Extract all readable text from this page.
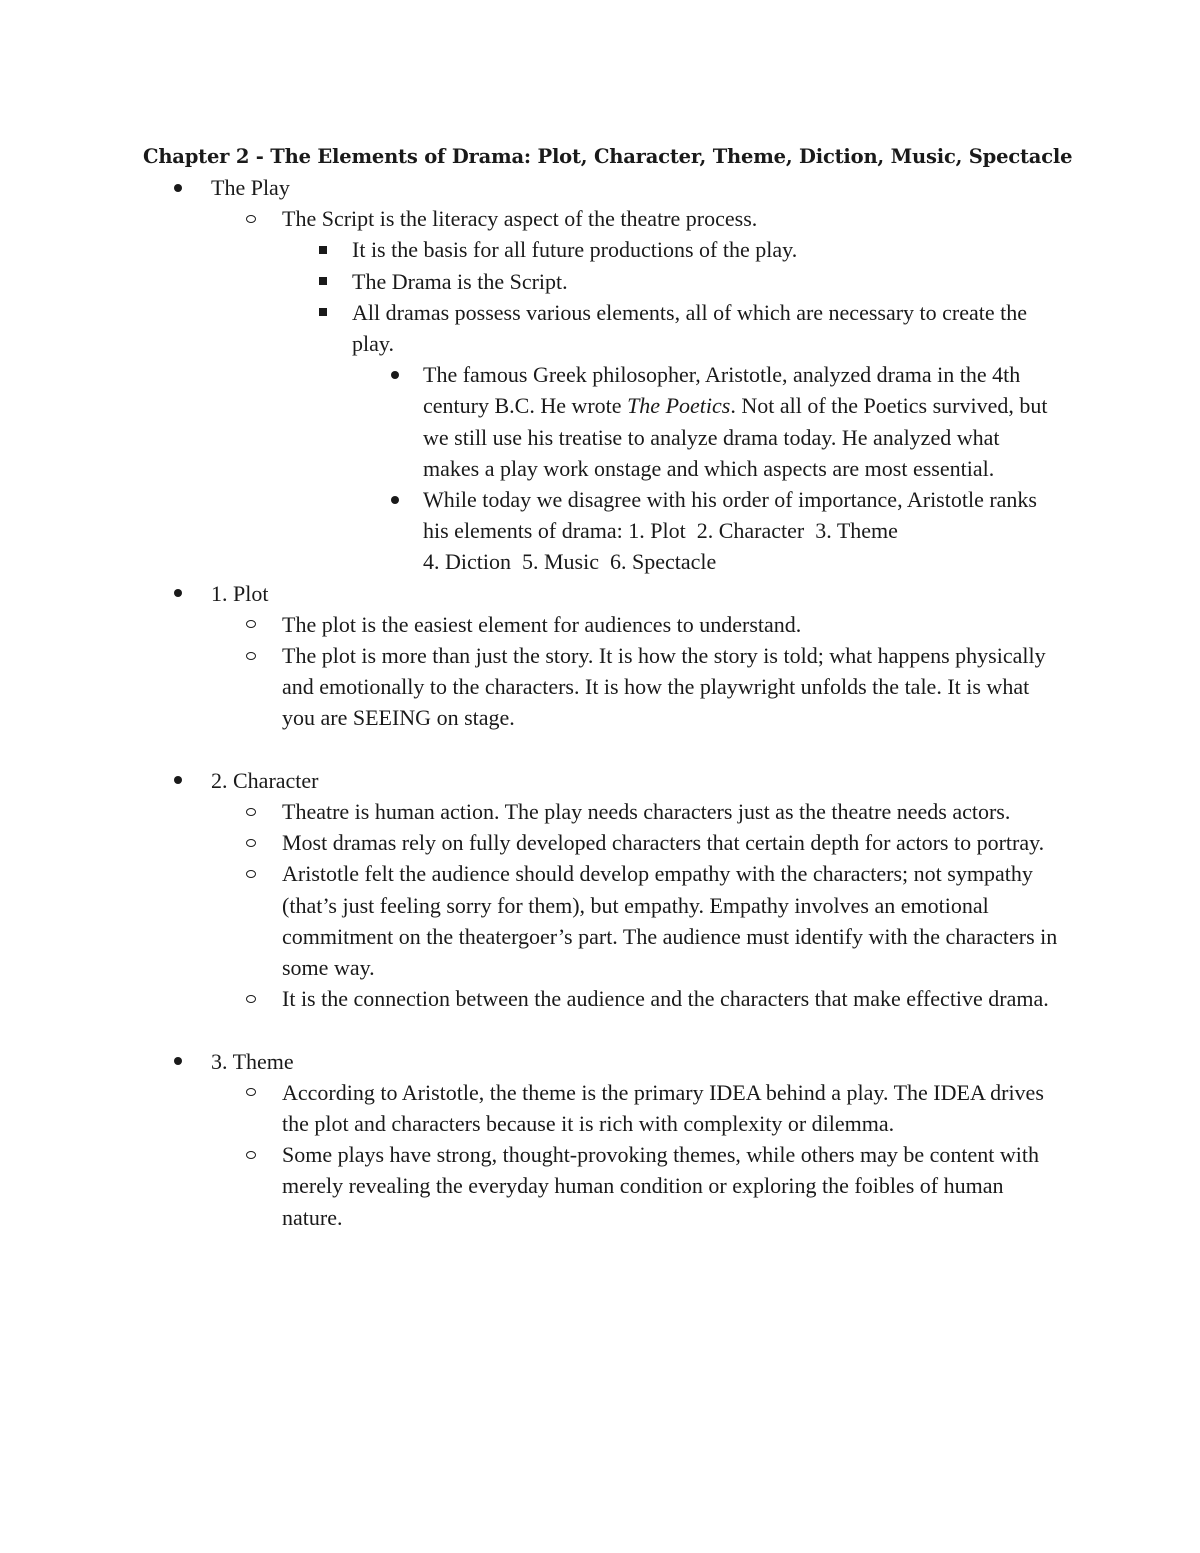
Chapter 2 - The Elements of Drama: Plot, Character, Theme, Diction, Music, Spectacle
The Play
The Script is the literacy aspect of the theatre process.
It is the basis for all future productions of the play.
The Drama is the Script.
All dramas possess various elements, all of which are necessary to create the play.
The famous Greek philosopher, Aristotle, analyzed drama in the 4th century B.C. He wrote The Poetics. Not all of the Poetics survived, but we still use his treatise to analyze drama today. He analyzed what makes a play work onstage and which aspects are most essential.
While today we disagree with his order of importance, Aristotle ranks his elements of drama: 1. Plot  2. Character  3. Theme
4. Diction  5. Music  6. Spectacle
1. Plot
The plot is the easiest element for audiences to understand.
The plot is more than just the story. It is how the story is told; what happens physically and emotionally to the characters. It is how the playwright unfolds the tale. It is what you are SEEING on stage.
2. Character
Theatre is human action. The play needs characters just as the theatre needs actors.
Most dramas rely on fully developed characters that certain depth for actors to portray.
Aristotle felt the audience should develop empathy with the characters; not sympathy (that’s just feeling sorry for them), but empathy. Empathy involves an emotional commitment on the theatergoer’s part. The audience must identify with the characters in some way.
It is the connection between the audience and the characters that make effective drama.
3. Theme
According to Aristotle, the theme is the primary IDEA behind a play. The IDEA drives the plot and characters because it is rich with complexity or dilemma.
Some plays have strong, thought-provoking themes, while others may be content with merely revealing the everyday human condition or exploring the foibles of human nature.
